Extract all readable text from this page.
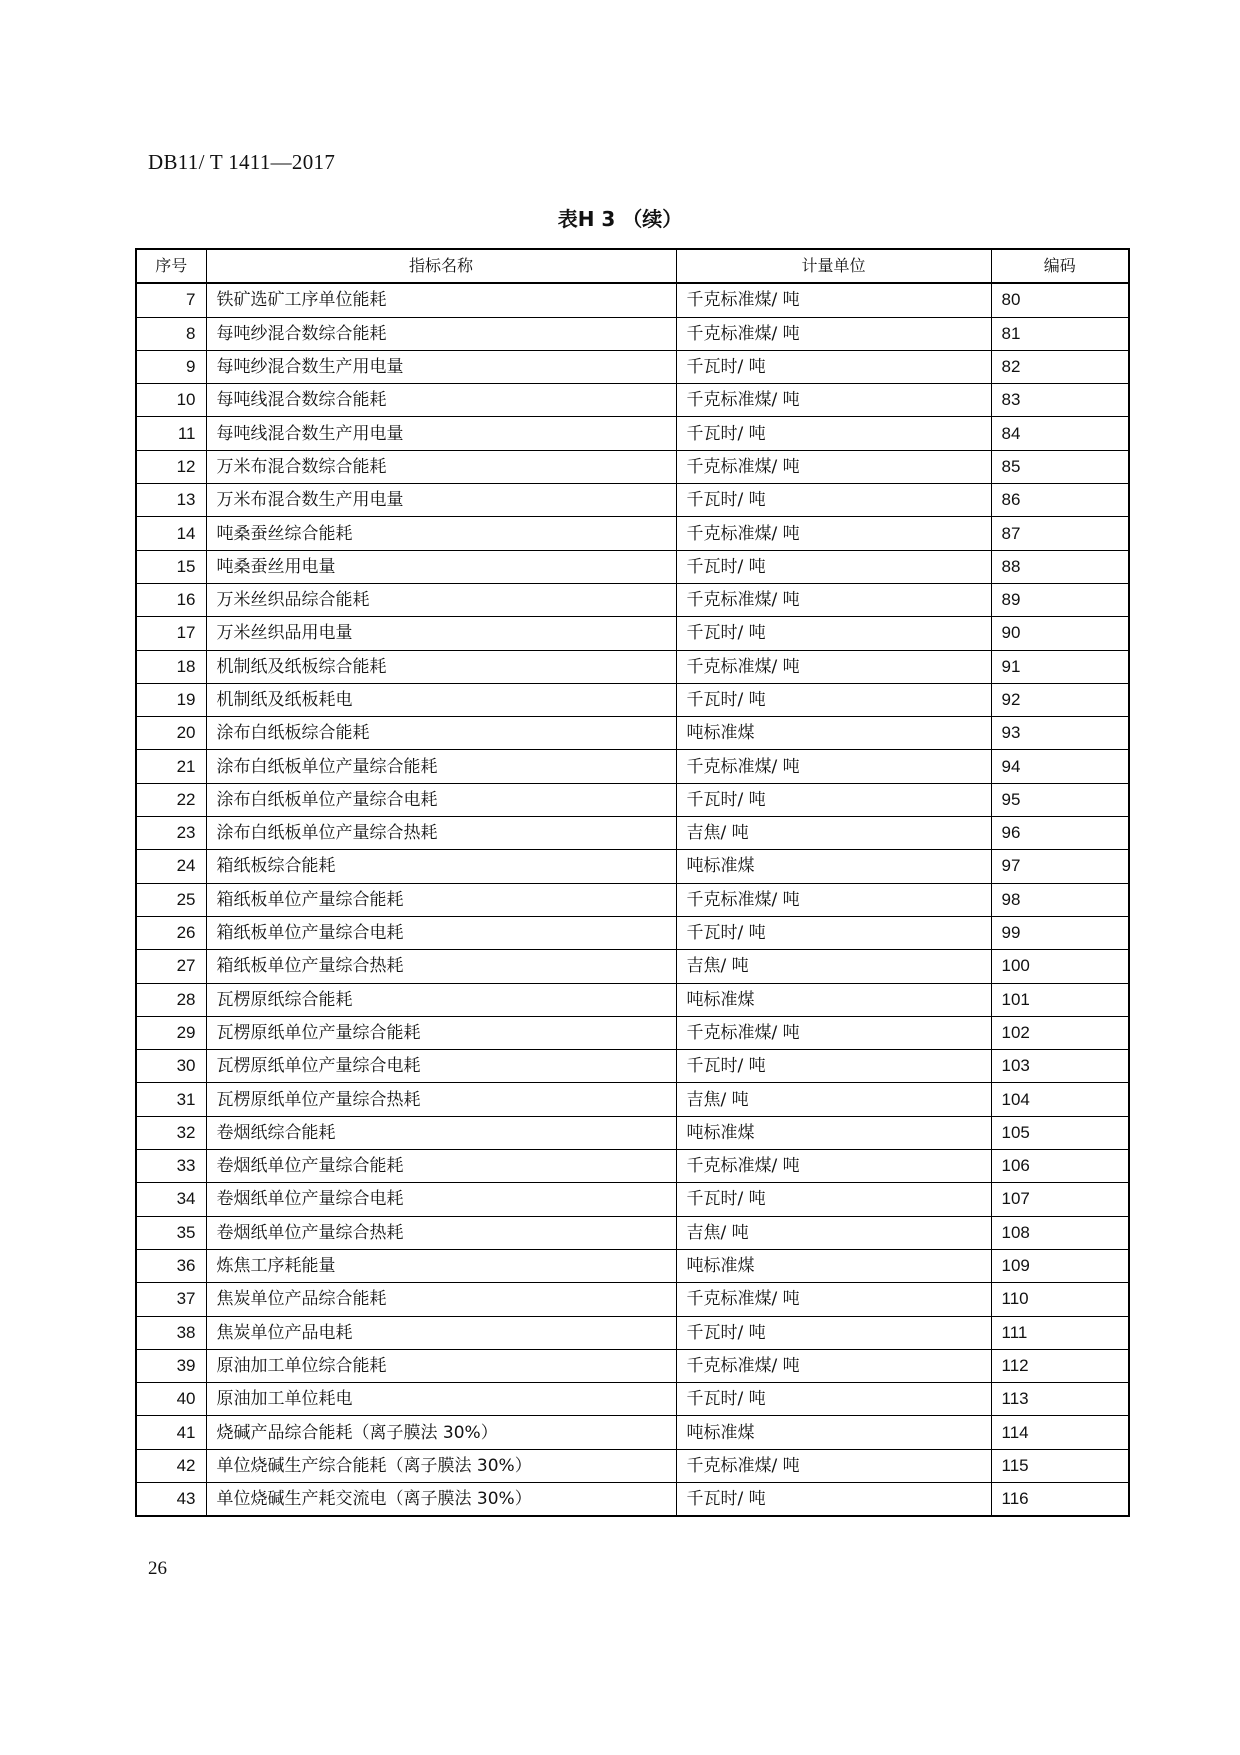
DB11/ T 1411—2017
表H 3 （续）
序号	指标名称	计量单位	编码
7	铁矿选矿工序单位能耗	千克标准煤/ 吨	80
8	每吨纱混合数综合能耗	千克标准煤/ 吨	81
9	每吨纱混合数生产用电量	千瓦时/ 吨	82
10	每吨线混合数综合能耗	千克标准煤/ 吨	83
11	每吨线混合数生产用电量	千瓦时/ 吨	84
12	万米布混合数综合能耗	千克标准煤/ 吨	85
13	万米布混合数生产用电量	千瓦时/ 吨	86
14	吨桑蚕丝综合能耗	千克标准煤/ 吨	87
15	吨桑蚕丝用电量	千瓦时/ 吨	88
16	万米丝织品综合能耗	千克标准煤/ 吨	89
17	万米丝织品用电量	千瓦时/ 吨	90
18	机制纸及纸板综合能耗	千克标准煤/ 吨	91
19	机制纸及纸板耗电	千瓦时/ 吨	92
20	涂布白纸板综合能耗	吨标准煤	93
21	涂布白纸板单位产量综合能耗	千克标准煤/ 吨	94
22	涂布白纸板单位产量综合电耗	千瓦时/ 吨	95
23	涂布白纸板单位产量综合热耗	吉焦/ 吨	96
24	箱纸板综合能耗	吨标准煤	97
25	箱纸板单位产量综合能耗	千克标准煤/ 吨	98
26	箱纸板单位产量综合电耗	千瓦时/ 吨	99
27	箱纸板单位产量综合热耗	吉焦/ 吨	100
28	瓦楞原纸综合能耗	吨标准煤	101
29	瓦楞原纸单位产量综合能耗	千克标准煤/ 吨	102
30	瓦楞原纸单位产量综合电耗	千瓦时/ 吨	103
31	瓦楞原纸单位产量综合热耗	吉焦/ 吨	104
32	卷烟纸综合能耗	吨标准煤	105
33	卷烟纸单位产量综合能耗	千克标准煤/ 吨	106
34	卷烟纸单位产量综合电耗	千瓦时/ 吨	107
35	卷烟纸单位产量综合热耗	吉焦/ 吨	108
36	炼焦工序耗能量	吨标准煤	109
37	焦炭单位产品综合能耗	千克标准煤/ 吨	110
38	焦炭单位产品电耗	千瓦时/ 吨	111
39	原油加工单位综合能耗	千克标准煤/ 吨	112
40	原油加工单位耗电	千瓦时/ 吨	113
41	烧碱产品综合能耗（离子膜法 30%）	吨标准煤	114
42	单位烧碱生产综合能耗（离子膜法 30%）	千克标准煤/ 吨	115
43	单位烧碱生产耗交流电（离子膜法 30%）	千瓦时/ 吨	116
26
